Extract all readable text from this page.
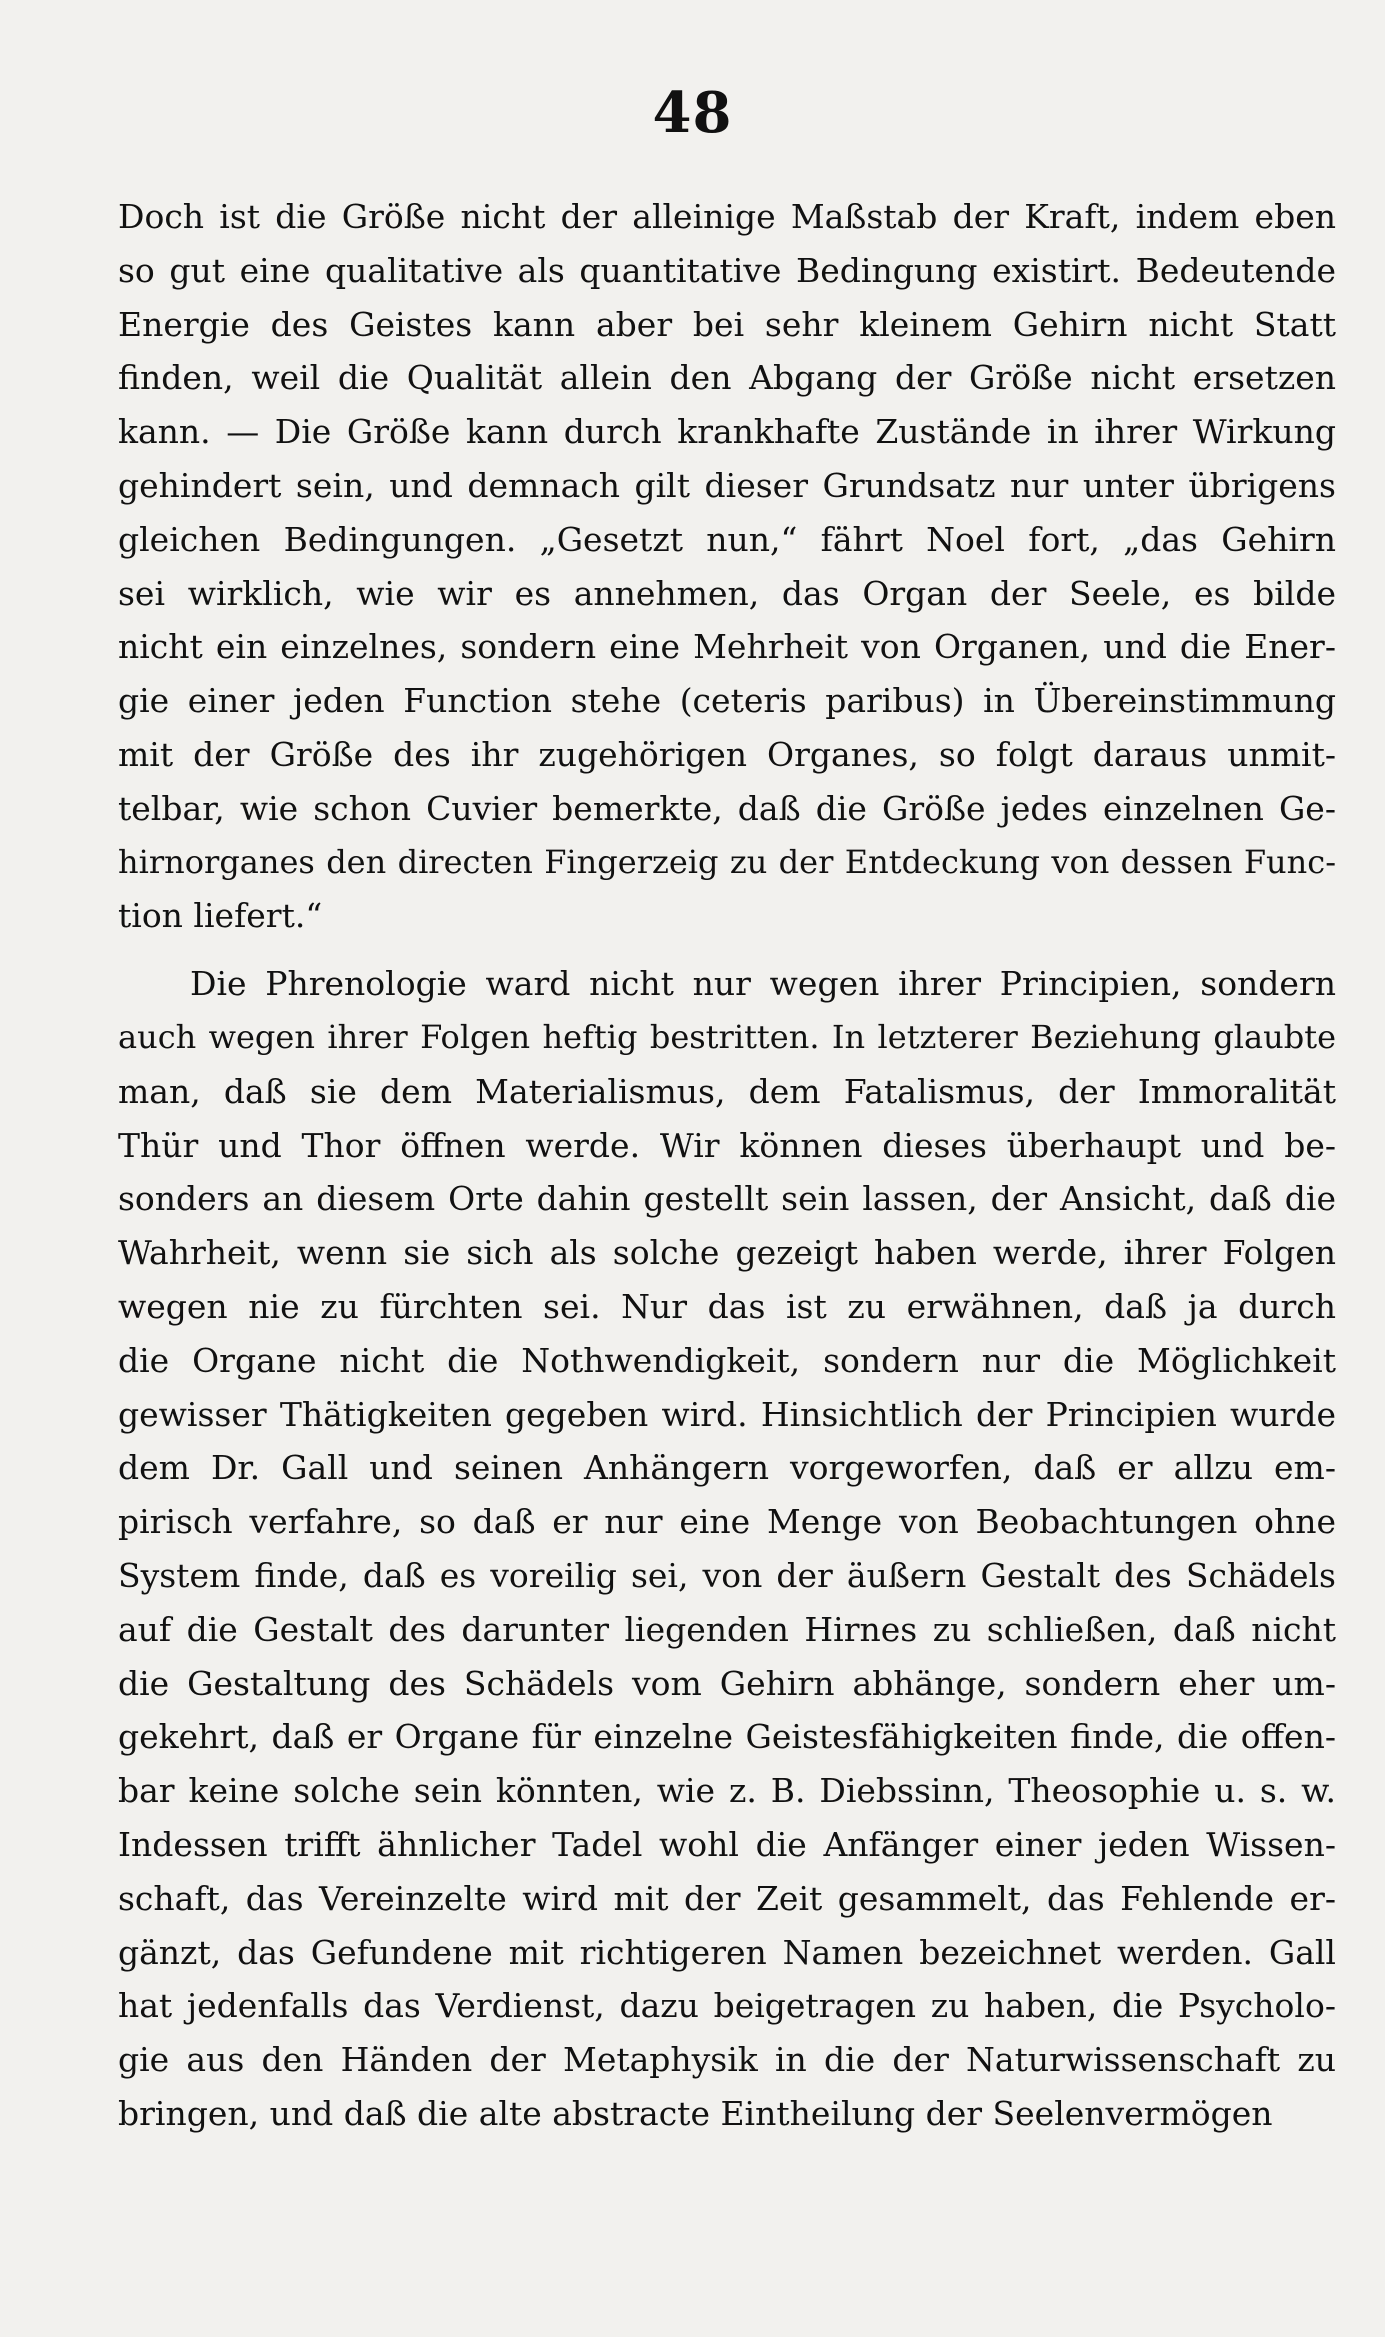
48
Doch ist die Größe nicht der alleinige Maßstab der Kraft, indem eben
so gut eine qualitative als quantitative Bedingung existirt. Bedeutende
Energie des Geistes kann aber bei sehr kleinem Gehirn nicht Statt
finden, weil die Qualität allein den Abgang der Größe nicht ersetzen
kann. — Die Größe kann durch krankhafte Zustände in ihrer Wirkung
gehindert sein, und demnach gilt dieser Grundsatz nur unter übrigens
gleichen Bedingungen. „Gesetzt nun,“ fährt Noel fort, „das Gehirn
sei wirklich, wie wir es annehmen, das Organ der Seele, es bilde
nicht ein einzelnes, sondern eine Mehrheit von Organen, und die Ener-
gie einer jeden Function stehe (ceteris paribus) in Übereinstimmung
mit der Größe des ihr zugehörigen Organes, so folgt daraus unmit-
telbar, wie schon Cuvier bemerkte, daß die Größe jedes einzelnen Ge-
hirnorganes den directen Fingerzeig zu der Entdeckung von dessen Func-
tion liefert.“
Die Phrenologie ward nicht nur wegen ihrer Principien, sondern
auch wegen ihrer Folgen heftig bestritten. In letzterer Beziehung glaubte
man, daß sie dem Materialismus, dem Fatalismus, der Immoralität
Thür und Thor öffnen werde. Wir können dieses überhaupt und be-
sonders an diesem Orte dahin gestellt sein lassen, der Ansicht, daß die
Wahrheit, wenn sie sich als solche gezeigt haben werde, ihrer Folgen
wegen nie zu fürchten sei. Nur das ist zu erwähnen, daß ja durch
die Organe nicht die Nothwendigkeit, sondern nur die Möglichkeit
gewisser Thätigkeiten gegeben wird. Hinsichtlich der Principien wurde
dem Dr. Gall und seinen Anhängern vorgeworfen, daß er allzu em-
pirisch verfahre, so daß er nur eine Menge von Beobachtungen ohne
System finde, daß es voreilig sei, von der äußern Gestalt des Schädels
auf die Gestalt des darunter liegenden Hirnes zu schließen, daß nicht
die Gestaltung des Schädels vom Gehirn abhänge, sondern eher um-
gekehrt, daß er Organe für einzelne Geistesfähigkeiten finde, die offen-
bar keine solche sein könnten, wie z. B. Diebssinn, Theosophie u. s. w.
Indessen trifft ähnlicher Tadel wohl die Anfänger einer jeden Wissen-
schaft, das Vereinzelte wird mit der Zeit gesammelt, das Fehlende er-
gänzt, das Gefundene mit richtigeren Namen bezeichnet werden. Gall
hat jedenfalls das Verdienst, dazu beigetragen zu haben, die Psycholo-
gie aus den Händen der Metaphysik in die der Naturwissenschaft zu
bringen, und daß die alte abstracte Eintheilung der Seelenvermögen
